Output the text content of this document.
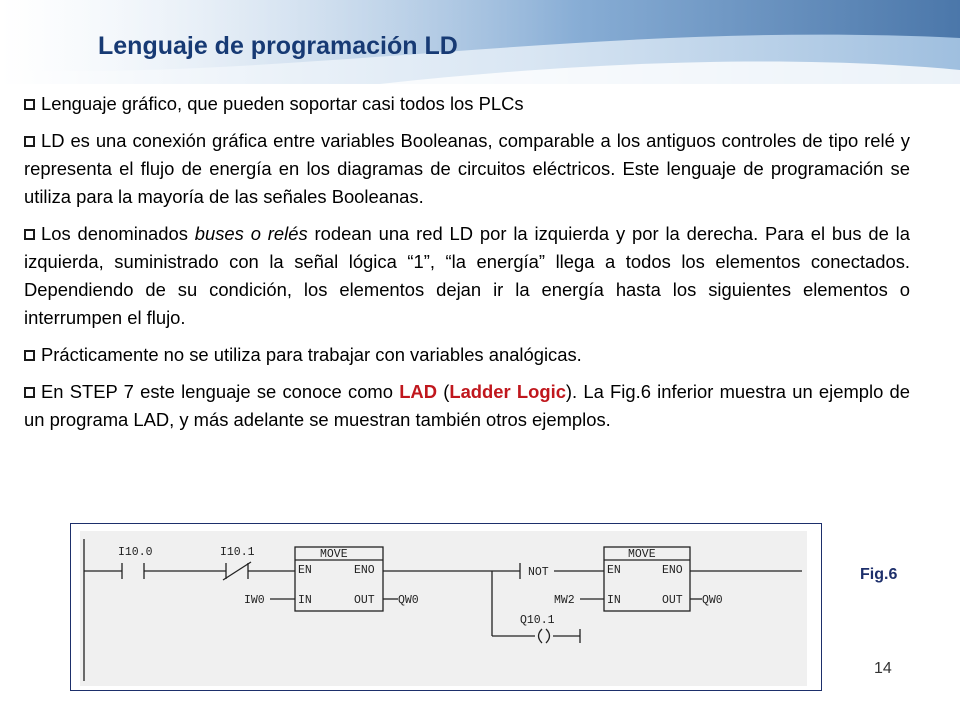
Lenguaje de programación LD

Lenguaje gráfico, que pueden soportar casi todos los PLCs

LD es una conexión gráfica entre variables Booleanas, comparable a los antiguos controles de tipo relé y representa el flujo de energía en los diagramas de circuitos eléctricos. Este lenguaje de programación se utiliza para la mayoría de las señales Booleanas.

Los denominados buses o relés rodean una red LD por la izquierda y por la derecha. Para el bus de la izquierda, suministrado con la señal lógica “1”, “la energía” llega a todos los elementos conectados. Dependiendo de su condición, los elementos dejan ir la energía hasta los siguientes elementos o interrumpen el flujo.

Prácticamente no se utiliza para trabajar con variables analógicas.

En STEP 7 este lenguaje se conoce como LAD (Ladder Logic). La Fig.6 inferior muestra un ejemplo de un programa LAD, y más adelante se muestran también otros ejemplos.

I10.0	I10.1	MOVE
EN	ENO
IN	OUT
IW0	QW0
NOT
MOVE
EN	ENO
IN	OUT
MW2	QW0
Q10.1
Fig.6
14
